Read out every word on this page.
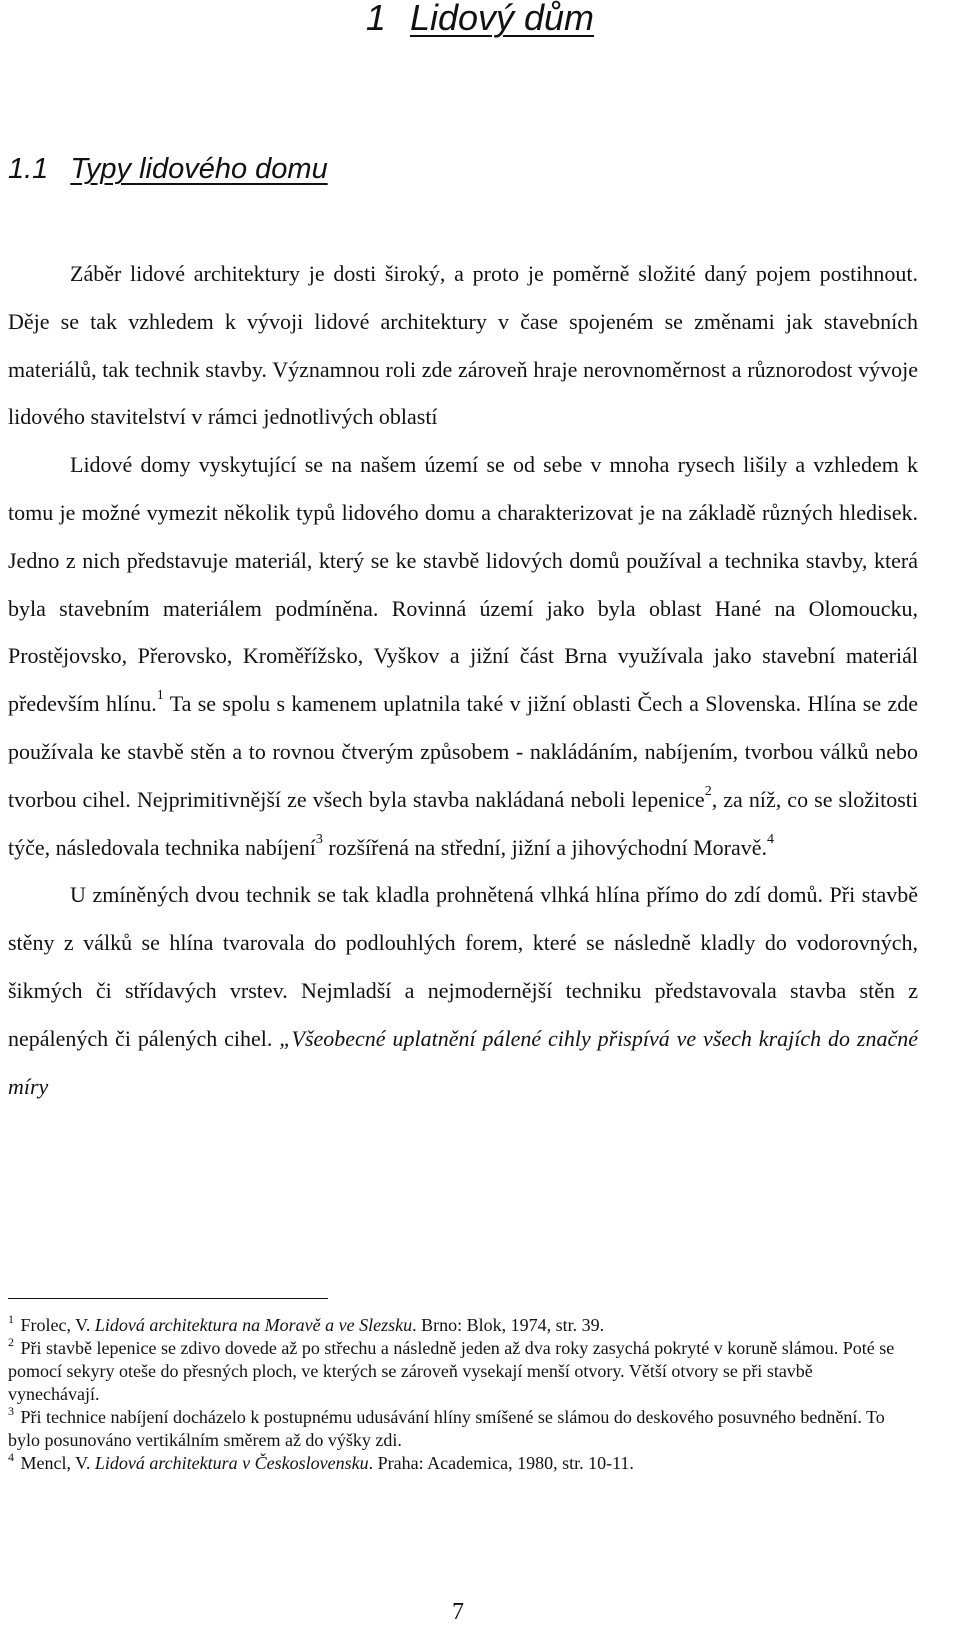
1 Lidový dům
1.1 Typy lidového domu

Záběr lidové architektury je dosti široký, a proto je poměrně složité daný pojem postihnout. Děje se tak vzhledem k vývoji lidové architektury v čase spojeném se změnami jak stavebních materiálů, tak technik stavby. Významnou roli zde zároveň hraje nerovnoměrnost a různorodost vývoje lidového stavitelství v rámci jednotlivých oblastí

Lidové domy vyskytující se na našem území se od sebe v mnoha rysech lišily a vzhledem k tomu je možné vymezit několik typů lidového domu a charakterizovat je na základě různých hledisek. Jedno z nich představuje materiál, který se ke stavbě lidových domů používal a technika stavby, která byla stavebním materiálem podmíněna. Rovinná území jako byla oblast Hané na Olomoucku, Prostějovsko, Přerovsko, Kroměřížsko, Vyškov a jižní část Brna využívala jako stavební materiál především hlínu.$^1$ Ta se spolu s kamenem uplatnila také v jižní oblasti Čech a Slovenska. Hlína se zde používala ke stavbě stěn a to rovnou čtverým způsobem - nakládáním, nabíjením, tvorbou válků nebo tvorbou cihel. Nejprimitivnější ze všech byla stavba nakládaná neboli lepenice$^2$, za níž, co se složitosti týče, následovala technika nabíjení$^3$ rozšířená na střední, jižní a jihovýchodní Moravě.$^4$

U zmíněných dvou technik se tak kladla prohnětená vlhká hlína přímo do zdí domů. Při stavbě stěny z válků se hlína tvarovala do podlouhlých forem, které se následně kladly do vodorovných, šikmých či střídavých vrstev. Nejmladší a nejmodernější techniku představovala stavba stěn z nepálených či pálených cihel. „Všeobecné uplatnění pálené cihly přispívá ve všech krajích do značné míry

$^1$ Frolec, V. Lidová architektura na Moravě a ve Slezsku. Brno: Blok, 1974, str. 39.

$^2$ Při stavbě lepenice se zdivo dovede až po střechu a následně jeden až dva roky zasychá pokryté v koruně slámou. Poté se pomocí sekyry oteše do přesných ploch, ve kterých se zároveň vysekají menší otvory. Větší otvory se při stavbě vynechávají.

$^3$ Při technice nabíjení docházelo k postupnému udusávání hlíny smíšené se slámou do deskového posuvného bednění. To bylo posunováno vertikálním směrem až do výšky zdi.

$^4$ Mencl, V. Lidová architektura v Československu. Praha: Academica, 1980, str. 10-11.

7
